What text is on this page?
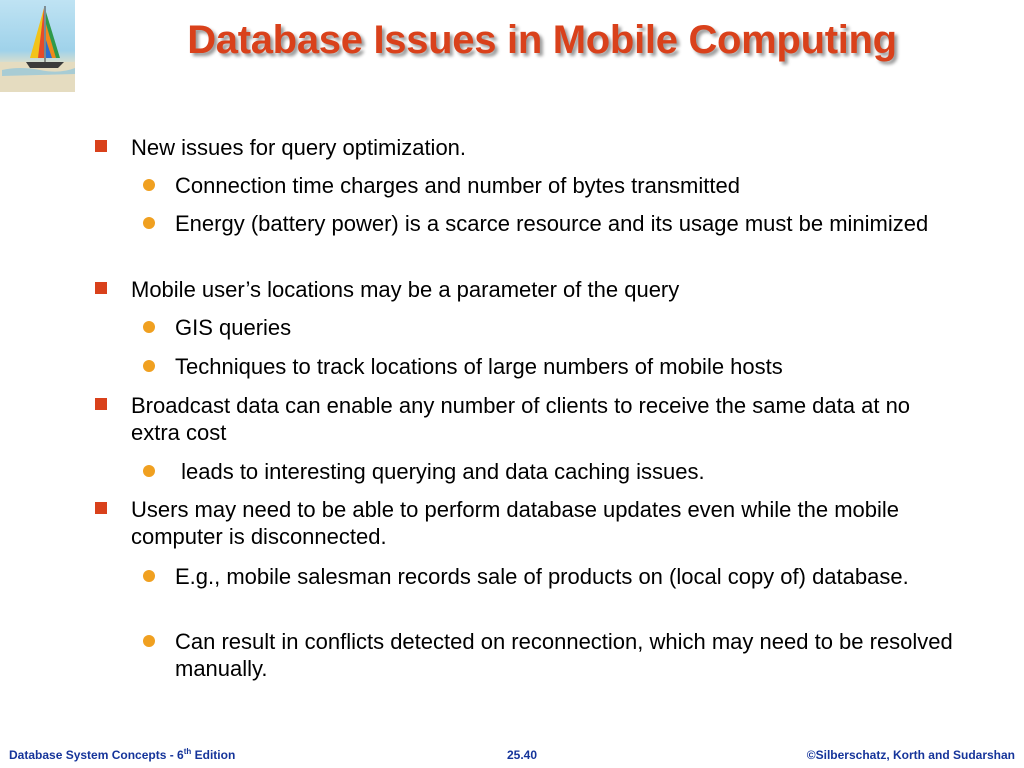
Database Issues in Mobile Computing
New issues for query optimization.
Connection time charges and number of bytes transmitted
Energy (battery power) is a scarce resource and its usage must be minimized
Mobile user’s locations may be a parameter of the query
GIS queries
Techniques to track locations of large numbers of mobile hosts
Broadcast data can enable any number of clients to receive the same data at no extra cost
leads to interesting querying and data caching issues.
Users may need to be able to perform database updates even while the mobile computer is disconnected.
E.g., mobile salesman records sale of products on (local copy of) database.
Can result in conflicts detected on reconnection, which may need to be resolved manually.
Database System Concepts - 6th Edition	25.40	©Silberschatz, Korth and Sudarshan
